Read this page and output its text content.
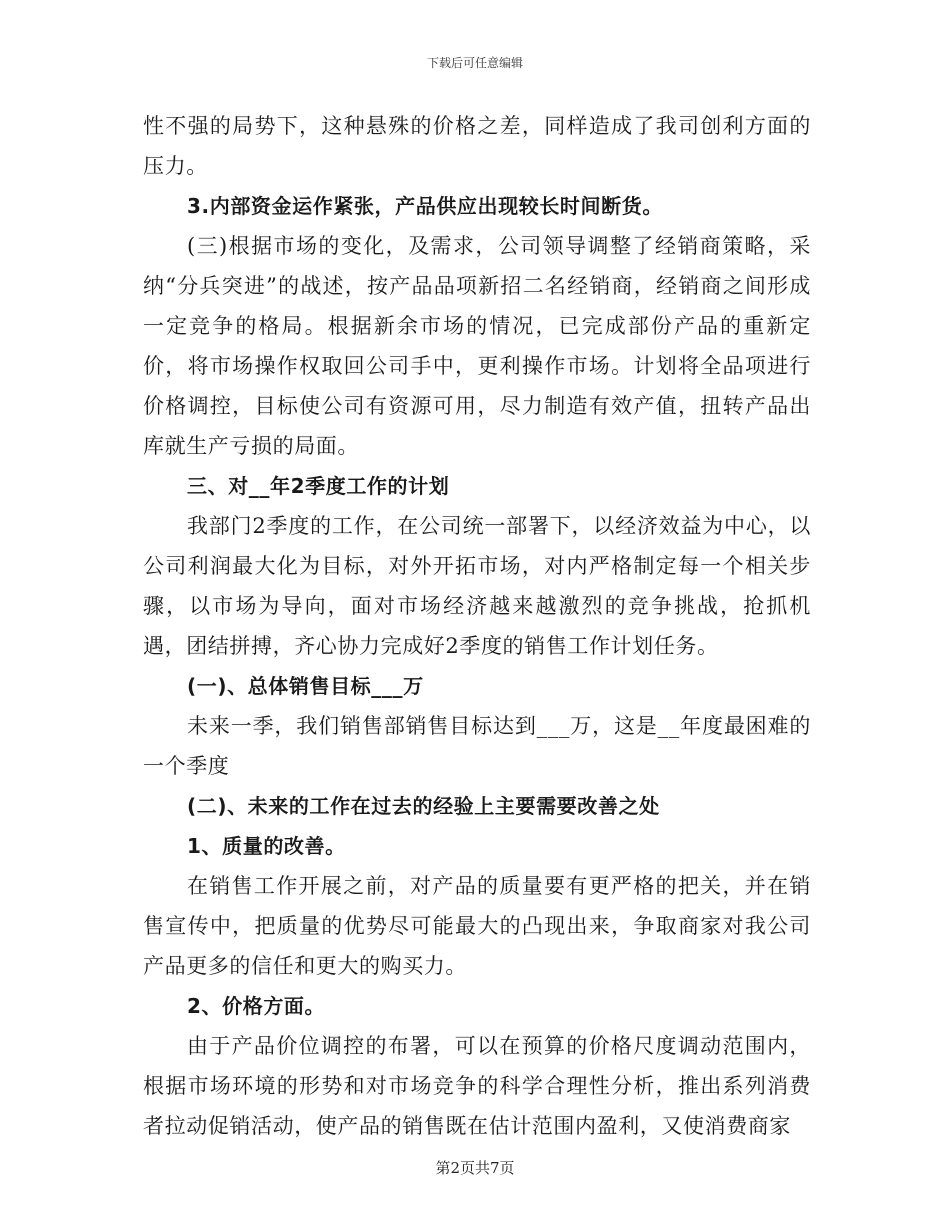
下载后可任意编辑

性不强的局势下，这种悬殊的价格之差，同样造成了我司创利方面的压力。

3.内部资金运作紧张，产品供应出现较长时间断货。

(三)根据市场的变化，及需求，公司领导调整了经销商策略，采纳“分兵突进”的战述，按产品品项新招二名经销商，经销商之间形成一定竞争的格局。根据新余市场的情况，已完成部份产品的重新定价，将市场操作权取回公司手中，更利操作市场。计划将全品项进行价格调控，目标使公司有资源可用，尽力制造有效产值，扭转产品出库就生产亏损的局面。

三、对__年2季度工作的计划

我部门2季度的工作，在公司统一部署下，以经济效益为中心，以公司利润最大化为目标，对外开拓市场，对内严格制定每一个相关步骤，以市场为导向，面对市场经济越来越激烈的竞争挑战，抢抓机遇，团结拼搏，齐心协力完成好2季度的销售工作计划任务。

(一)、总体销售目标___万

未来一季，我们销售部销售目标达到___万，这是__年度最困难的一个季度

(二)、未来的工作在过去的经验上主要需要改善之处

1、质量的改善。

在销售工作开展之前，对产品的质量要有更严格的把关，并在销售宣传中，把质量的优势尽可能最大的凸现出来，争取商家对我公司产品更多的信任和更大的购买力。

2、价格方面。

由于产品价位调控的布署，可以在预算的价格尺度调动范围内，根据市场环境的形势和对市场竞争的科学合理性分析，推出系列消费者拉动促销活动，使产品的销售既在估计范围内盈利，又使消费商家

第2页共7页
